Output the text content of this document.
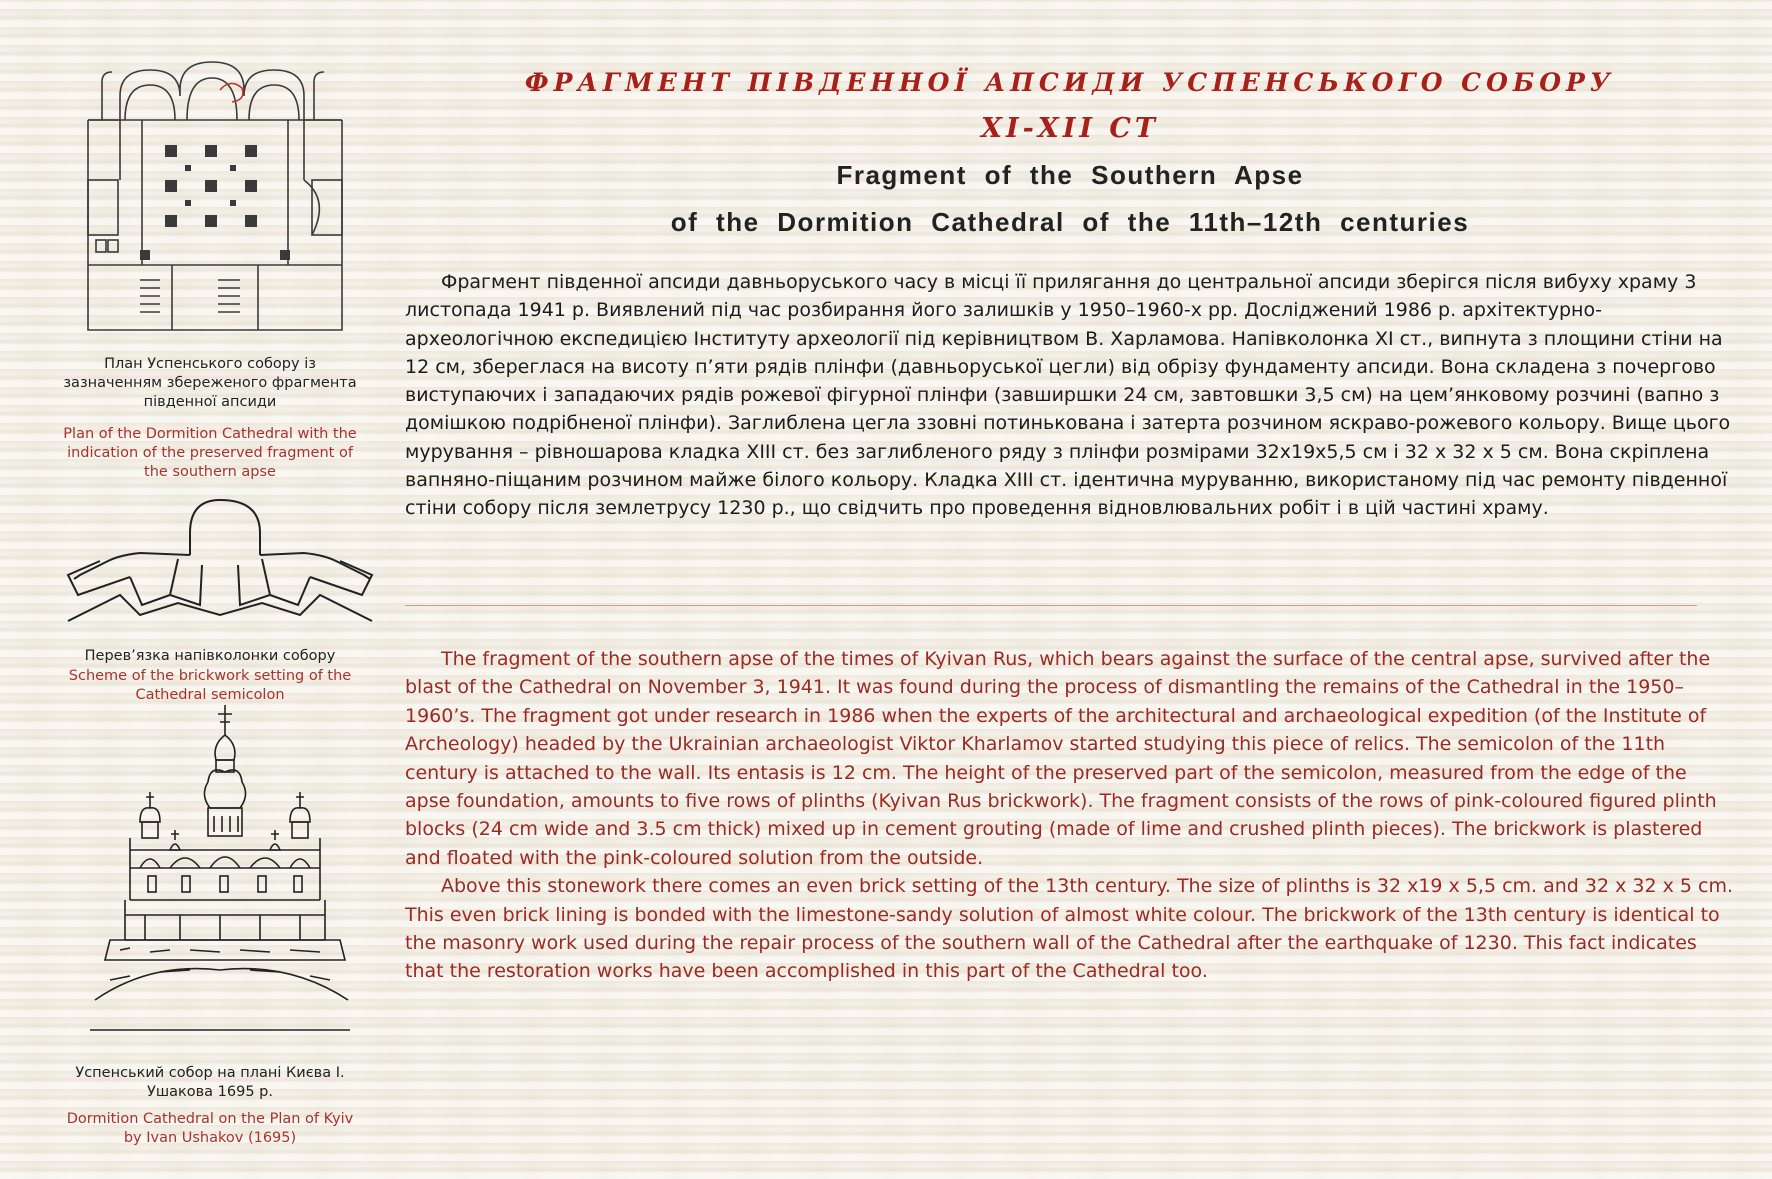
ФРАГМЕНТ ПІВДЕННОЇ АПСИДИ УСПЕНСЬКОГО СОБОРУ
ХІ-ХІІ СТ
Fragment of the Southern Apse
of the Dormition Cathedral of the 11th–12th centuries

Фрагмент південної апсиди давньоруського часу в місці її прилягання до центральної апсиди зберігся після вибуху храму 3 листопада 1941 р. Виявлений під час розбирання його залишків у 1950–1960-х рр. Досліджений 1986 р. архітектурно-археологічною експедицією Інституту археології під керівництвом В. Харламова. Напівколонка XI ст., випнута з площини стіни на 12 см, збереглася на висоту п’яти рядів плінфи (давньоруської цегли) від обрізу фундаменту апсиди. Вона складена з почергово виступаючих і западаючих рядів рожевої фігурної плінфи (завширшки 24 см, завтовшки 3,5 см) на цем’янковому розчині (вапно з домішкою подрібненої плінфи). Заглиблена цегла ззовні потинькована і затерта розчином яскраво-рожевого кольору. Вище цього мурування – рівношарова кладка XIII ст. без заглибленого ряду з плінфи розмірами 32х19х5,5 см і 32 х 32 х 5 см. Вона скріплена вапняно-піщаним розчином майже білого кольору. Кладка XIII ст. ідентична муруванню, використаному під час ремонту південної стіни собору після землетрусу 1230 р., що свідчить про проведення відновлювальних робіт і в цій частині храму.

The fragment of the southern apse of the times of Kyivan Rus, which bears against the surface of the central apse, survived after the blast of the Cathedral on November 3, 1941. It was found during the process of dismantling the remains of the Cathedral in the 1950–1960’s. The fragment got under research in 1986 when the experts of the architectural and archaeological expedition (of the Institute of Archeology) headed by the Ukrainian archaeologist Viktor Kharlamov started studying this piece of relics. The semicolon of the 11th century is attached to the wall. Its entasis is 12 cm. The height of the preserved part of the semicolon, measured from the edge of the apse foundation, amounts to five rows of plinths (Kyivan Rus brickwork). The fragment consists of the rows of pink-coloured figured plinth blocks (24 cm wide and 3.5 cm thick) mixed up in cement grouting (made of lime and crushed plinth pieces). The brickwork is plastered and floated with the pink-coloured solution from the outside.

Above this stonework there comes an even brick setting of the 13th century. The size of plinths is 32 x19 x 5,5 cm. and 32 x 32 x 5 cm. This even brick lining is bonded with the limestone-sandy solution of almost white colour. The brickwork of the 13th century is identical to the masonry work used during the repair process of the southern wall of the Cathedral after the earthquake of 1230. This fact indicates that the restoration works have been accomplished in this part of the Cathedral too.

План Успенського собору із зазначенням збереженого фрагмента південної апсиди
Plan of the Dormition Cathedral with the indication of the preserved fragment of the southern apse
Перев’язка напівколонки собору
Scheme of the brickwork setting of the Cathedral semicolon
Успенський собор на плані Києва І. Ушакова 1695 р.
Dormition Cathedral on the Plan of Kyiv by Ivan Ushakov (1695)
